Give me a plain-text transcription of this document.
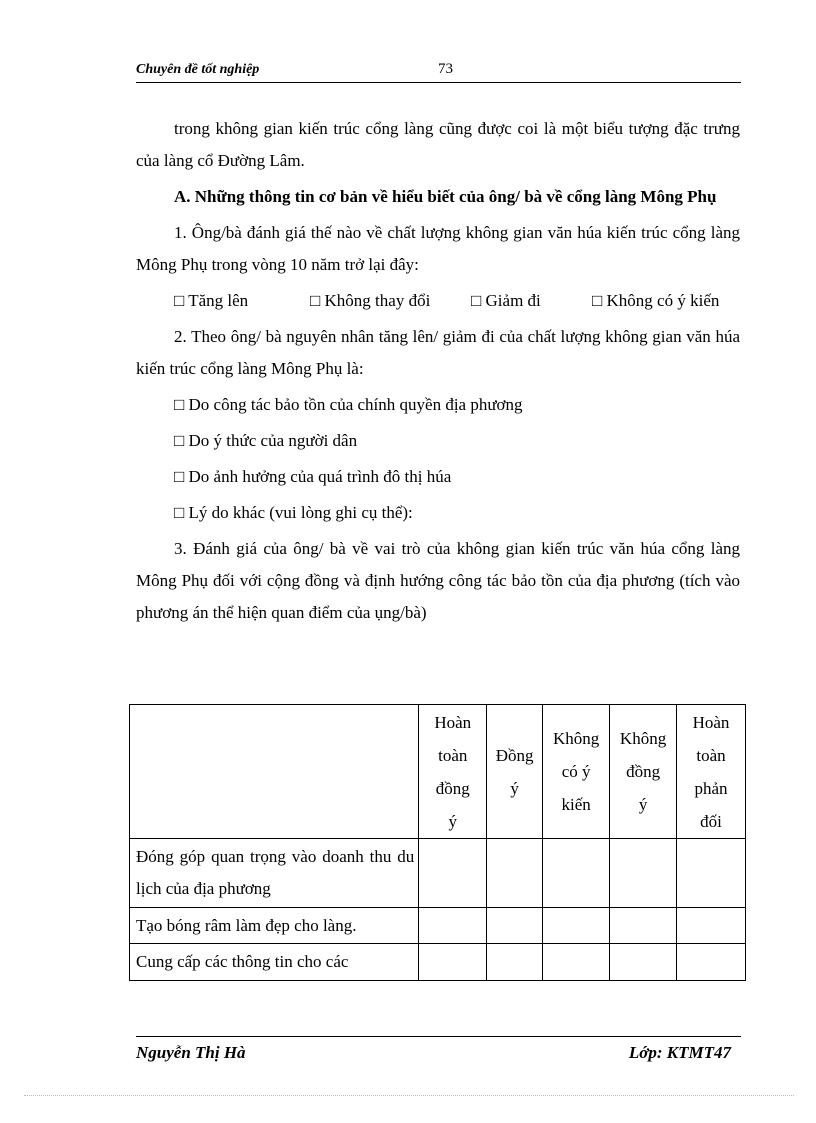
Chuyên đề tốt nghiệp	73

trong không gian kiến trúc cổng làng cũng được coi là một biểu tượng đặc trưng của làng cổ Đường Lâm.

A. Những thông tin cơ bản về hiểu biết của ông/ bà về cổng làng Mông Phụ

1. Ông/bà đánh giá thế nào về chất lượng không gian văn húa kiến trúc cổng làng Mông Phụ trong vòng 10 năm trở lại đây:

□ Tăng lên	□ Không thay đổi □ Giảm đi	□ Không có ý kiến

2. Theo ông/ bà nguyên nhân tăng lên/ giảm đi của chất lượng không gian văn húa kiến trúc cổng làng Mông Phụ là:

□ Do công tác bảo tồn của chính quyền địa phương

□ Do ý thức của người dân

□ Do ảnh hưởng của quá trình đô thị húa

□ Lý do khác (vui lòng ghi cụ thể):

3. Đánh giá của ông/ bà về vai trò của không gian kiến trúc văn húa cổng làng Mông Phụ đối với cộng đồng và định hướng công tác bảo tồn của địa phương (tích vào phương án thể hiện quan điểm của ụng/bà)

	Hoàn
toàn
đồng
ý	Đồng
ý	Không
có ý
kiến	Không
đồng
ý	Hoàn
toàn
phản
đối
Đóng góp quan trọng vào doanh thu du lịch của địa phương					
Tạo bóng râm làm đẹp cho làng.					
Cung cấp các thông tin cho các					
Nguyễn Thị Hà	Lớp: KTMT47
